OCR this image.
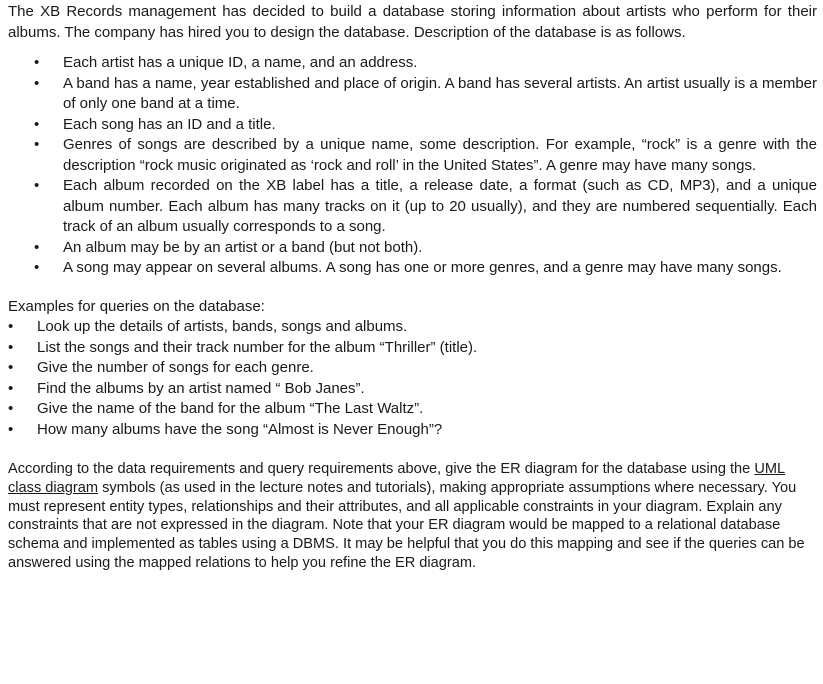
The XB Records management has decided to build a database storing information about artists who perform for their albums. The company has hired you to design the database. Description of the database is as follows.

• Each artist has a unique ID, a name, and an address.
• A band has a name, year established and place of origin. A band has several artists. An artist usually is a member of only one band at a time.
• Each song has an ID and a title.
• Genres of songs are described by a unique name, some description. For example, “rock” is a genre with the description “rock music originated as ‘rock and roll’ in the United States”. A genre may have many songs.
• Each album recorded on the XB label has a title, a release date, a format (such as CD, MP3), and a unique album number. Each album has many tracks on it (up to 20 usually), and they are numbered sequentially. Each track of an album usually corresponds to a song.
• An album may be by an artist or a band (but not both).
• A song may appear on several albums. A song has one or more genres, and a genre may have many songs.

Examples for queries on the database:

• Look up the details of artists, bands, songs and albums.
• List the songs and their track number for the album “Thriller” (title).
• Give the number of songs for each genre.
• Find the albums by an artist named “ Bob Janes”.
• Give the name of the band for the album “The Last Waltz”.
• How many albums have the song “Almost is Never Enough”?

According to the data requirements and query requirements above, give the ER diagram for the database using the UML class diagram symbols (as used in the lecture notes and tutorials), making appropriate assumptions where necessary. You must represent entity types, relationships and their attributes, and all applicable constraints in your diagram. Explain any constraints that are not expressed in the diagram. Note that your ER diagram would be mapped to a relational database schema and implemented as tables using a DBMS. It may be helpful that you do this mapping and see if the queries can be answered using the mapped relations to help you refine the ER diagram.
